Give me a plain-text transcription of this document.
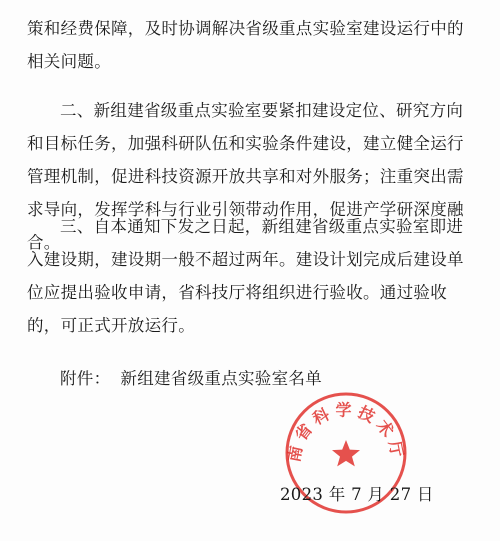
策和经费保障，及时协调解决省级重点实验室建设运行中的相关问题。

二、新组建省级重点实验室要紧扣建设定位、研究方向和目标任务，加强科研队伍和实验条件建设，建立健全运行管理机制，促进科技资源开放共享和对外服务；注重突出需求导向，发挥学科与行业引领带动作用，促进产学研深度融合。

三、自本通知下发之日起，新组建省级重点实验室即进入建设期，建设期一般不超过两年。建设计划完成后建设单位应提出验收申请，省科技厅将组织进行验收。通过验收的，可正式开放运行。

附件： 新组建省级重点实验室名单
南省科学技术厅
2023 年 7 月 27 日
